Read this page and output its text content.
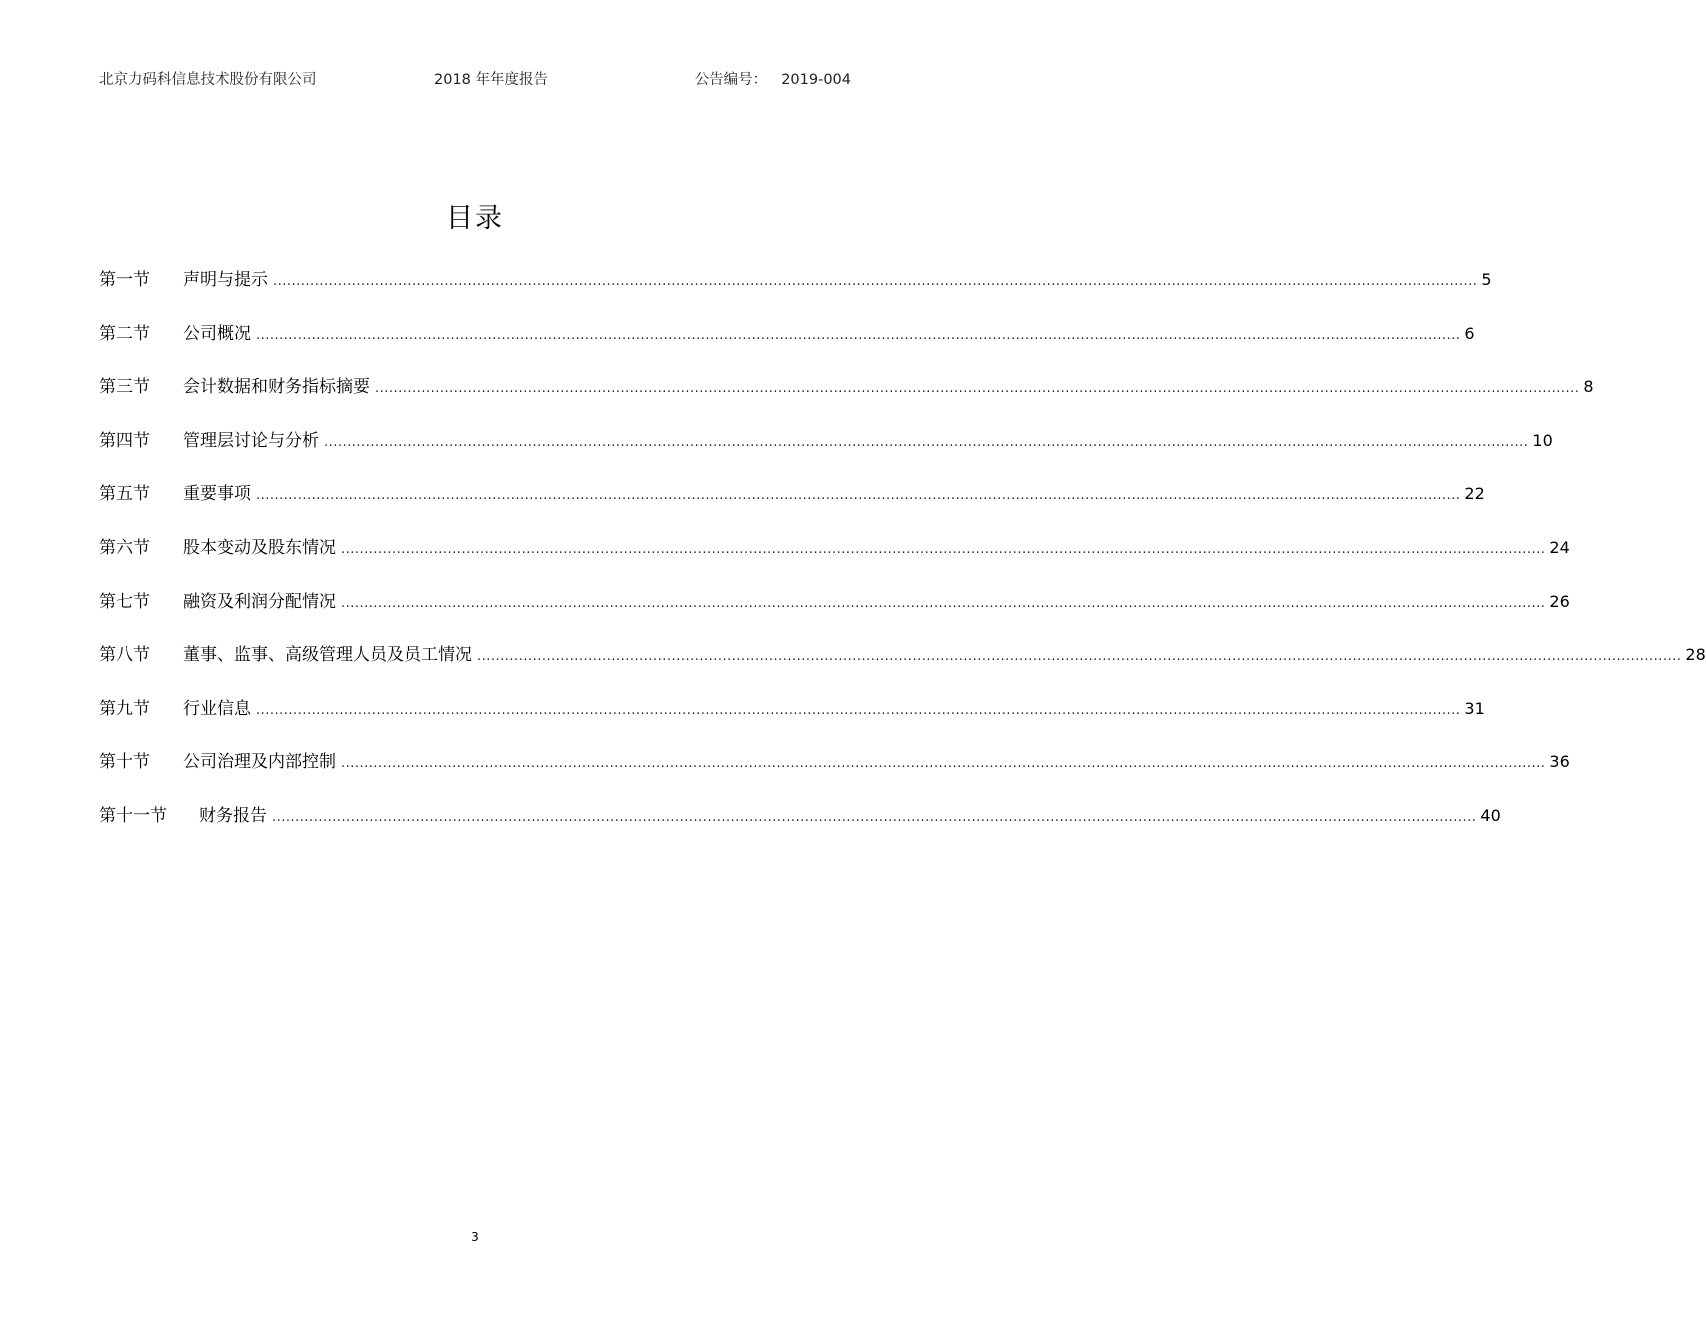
北京力码科信息技术股份有限公司	2018 年年度报告	公告编号： 2019-004
目录
第一节	声明与提示 .................................................................................................................................................................................................................................................................... 5
第二节	公司概况 .................................................................................................................................................................................................................................................................... 6
第三节	会计数据和财务指标摘要 .................................................................................................................................................................................................................................................................... 8
第四节	管理层讨论与分析 .................................................................................................................................................................................................................................................................... 10
第五节	重要事项 .................................................................................................................................................................................................................................................................... 22
第六节	股本变动及股东情况 .................................................................................................................................................................................................................................................................... 24
第七节	融资及利润分配情况 .................................................................................................................................................................................................................................................................... 26
第八节	董事、监事、高级管理人员及员工情况 .................................................................................................................................................................................................................................................................... 28
第九节	行业信息 .................................................................................................................................................................................................................................................................... 31
第十节	公司治理及内部控制 .................................................................................................................................................................................................................................................................... 36
第十一节	财务报告 .................................................................................................................................................................................................................................................................... 40
3
